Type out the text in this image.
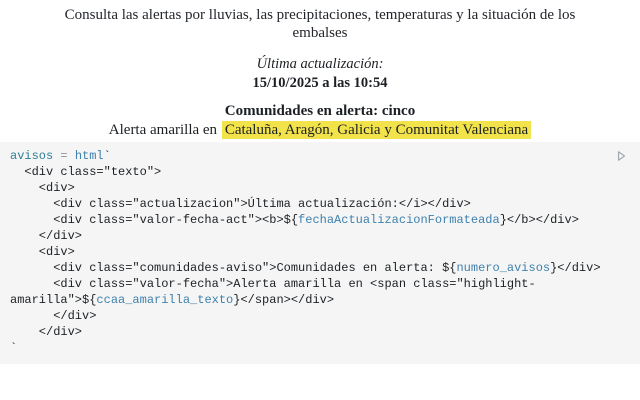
Consulta las alertas por lluvias, las precipitaciones, temperaturas y la situación de los embalses
Última actualización:
15/10/2025 a las 10:54
Comunidades en alerta: cinco
Alerta amarilla en Cataluña, Aragón, Galicia y Comunitat Valenciana
avisos = html`
<div class="texto">
<div>
<div class="actualizacion">Última actualización:</i></div>
<div class="valor-fecha-act"><b>${fechaActualizacionFormateada}</b></div>
</div>
<div>
<div class="comunidades-aviso">Comunidades en alerta: ${numero_avisos}</div>
<div class="valor-fecha">Alerta amarilla en <span class="highlight-
amarilla">${ccaa_amarilla_texto}</span></div>
</div>
</div>
`
